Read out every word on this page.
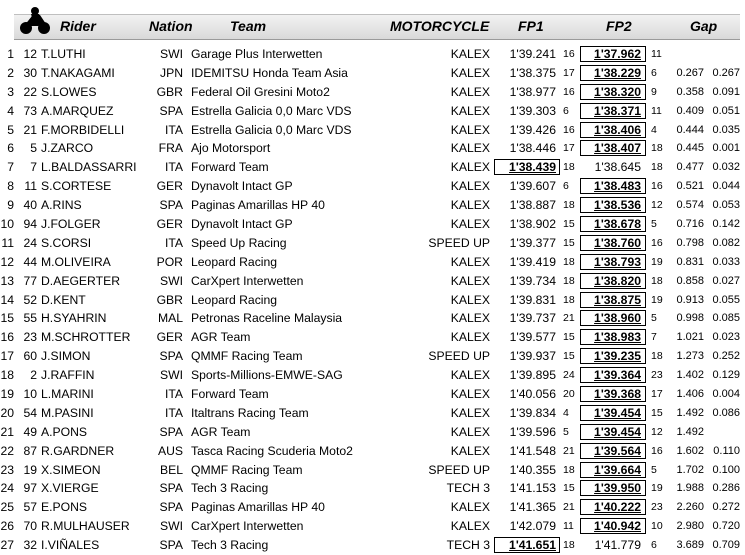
Rider	Nation	Team	MOTORCYCLE FP1	FP2	Gap
1 12 T.LUTHI	SWI Garage Plus Interwetten	KALEX	1'39.241 16	1'37.962 11
2 30 T.NAKAGAMI	JPN IDEMITSU Honda Team Asia	KALEX	1'38.375 17	1'38.229 6	0.267 0.267
3 22 S.LOWES	GBR Federal Oil Gresini Moto2	KALEX	1'38.977 16	1'38.320 9	0.358 0.091
4 73 A.MARQUEZ	SPA Estrella Galicia 0,0 Marc VDS	KALEX	1'39.303 6	1'38.371 11	0.409 0.051
5 21 F.MORBIDELLI	ITA Estrella Galicia 0,0 Marc VDS	KALEX	1'39.426 16	1'38.406 4	0.444 0.035
6	5 J.ZARCO	FRA Ajo Motorsport	KALEX	1'38.446 17	1'38.407 18	0.445 0.001
7	7 L.BALDASSARRI	ITA Forward Team	KALEX	1'38.439 18	1'38.645 18	0.477 0.032
8 11 S.CORTESE	GER Dynavolt Intact GP	KALEX	1'39.607 6	1'38.483 16	0.521 0.044
9 40 A.RINS	SPA Paginas Amarillas HP 40	KALEX	1'38.887 18	1'38.536 12	0.574 0.053
10 94 J.FOLGER	GER Dynavolt Intact GP	KALEX	1'38.902 15	1'38.678 5	0.716 0.142
11 24 S.CORSI	ITA Speed Up Racing	SPEED UP	1'39.377 15	1'38.760 16	0.798 0.082
12 44 M.OLIVEIRA	POR Leopard Racing	KALEX	1'39.419 18	1'38.793 19	0.831 0.033
13 77 D.AEGERTER	SWI CarXpert Interwetten	KALEX	1'39.734 18	1'38.820 18	0.858 0.027
14 52 D.KENT	GBR Leopard Racing	KALEX	1'39.831 18	1'38.875 19	0.913 0.055
15 55 H.SYAHRIN	MAL Petronas Raceline Malaysia	KALEX	1'39.737 21	1'38.960 5	0.998 0.085
16 23 M.SCHROTTER	GER AGR Team	KALEX	1'39.577 15	1'38.983 7	1.021 0.023
17 60 J.SIMON	SPA QMMF Racing Team	SPEED UP	1'39.937 15	1'39.235 18	1.273 0.252
18	2 J.RAFFIN	SWI Sports-Millions-EMWE-SAG	KALEX	1'39.895 24	1'39.364 23	1.402 0.129
19 10 L.MARINI	ITA Forward Team	KALEX	1'40.056 20	1'39.368 17	1.406 0.004
20 54 M.PASINI	ITA Italtrans Racing Team	KALEX	1'39.834 4	1'39.454 15	1.492 0.086
21 49 A.PONS	SPA AGR Team	KALEX	1'39.596 5	1'39.454 12	1.492
22 87 R.GARDNER	AUS Tasca Racing Scuderia Moto2	KALEX	1'41.548 21	1'39.564 16	1.602 0.110
23 19 X.SIMEON	BEL QMMF Racing Team	SPEED UP	1'40.355 18	1'39.664 5	1.702 0.100
24 97 X.VIERGE	SPA Tech 3 Racing	TECH 3	1'41.153 15	1'39.950 19	1.988 0.286
25 57 E.PONS	SPA Paginas Amarillas HP 40	KALEX	1'41.365 21	1'40.222 23	2.260 0.272
26 70 R.MULHAUSER	SWI CarXpert Interwetten	KALEX	1'42.079 11	1'40.942 10	2.980 0.720
27 32 I.VIÑALES	SPA Tech 3 Racing	TECH 3	1'41.651 18	1'41.779 6	3.689 0.709
